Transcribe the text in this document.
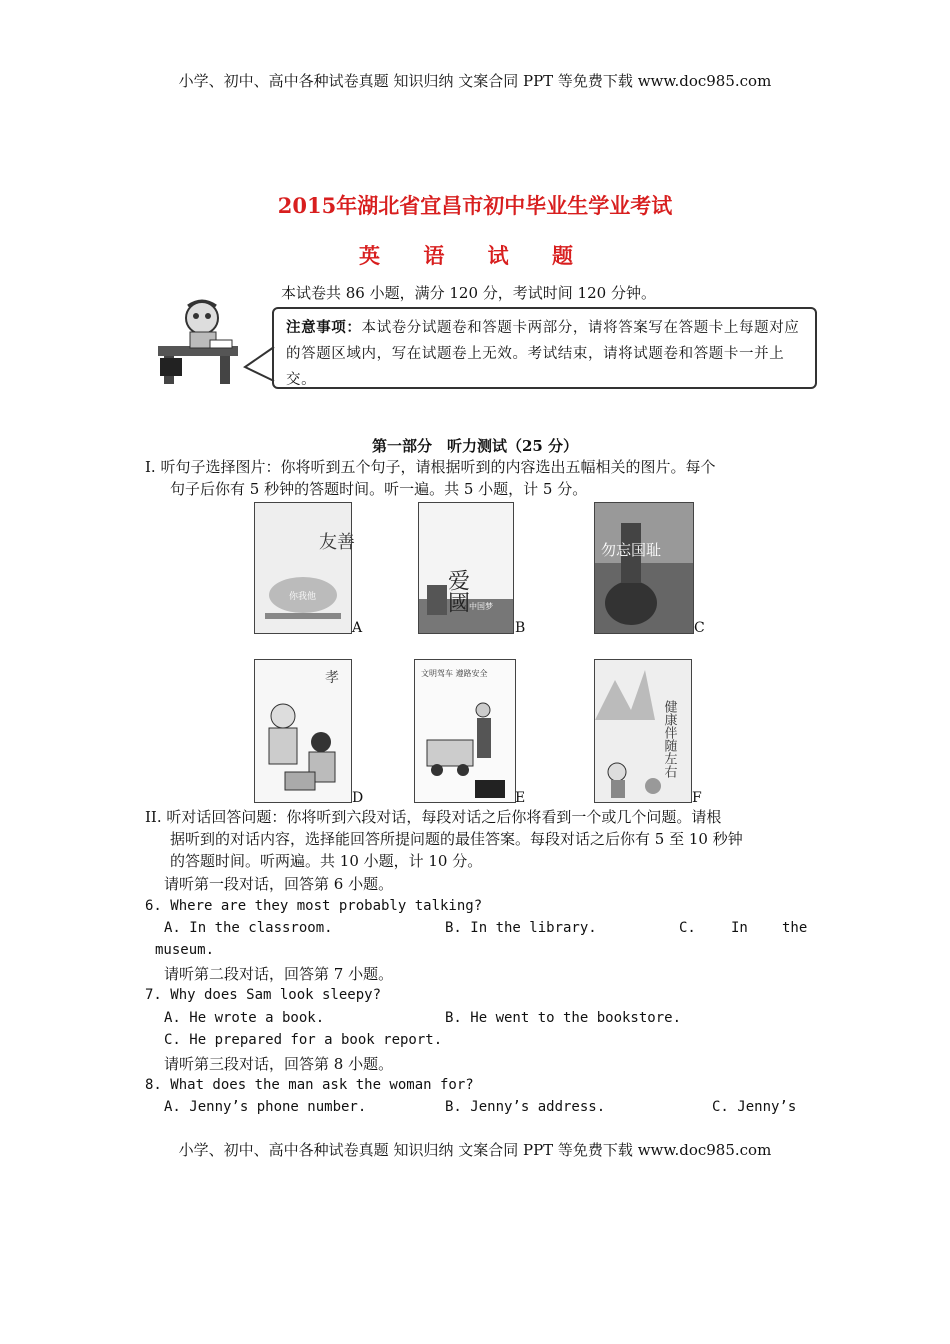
小学、初中、高中各种试卷真题 知识归纳 文案合同 PPT 等免费下载 www.doc985.com
2015年湖北省宜昌市初中毕业生学业考试
英 语 试 题
本试卷共 86 小题，满分 120 分，考试时间 120 分钟。
注意事项：本试卷分试题卷和答题卡两部分，请将答案写在答题卡上每题对应的答题区域内，写在试题卷上无效。考试结束，请将试题卷和答题卡一并上交。
第一部分　听力测试（25 分）
Ⅰ. 听句子选择图片：你将听到五个句子，请根据听到的内容选出五幅相关的图片。每个
句子后你有 5 秒钟的答题时间。听一遍。共 5 小题，计 5 分。
友善
你我他
A
爱國 中国梦
B
勿忘国耻
C
孝
D
文明驾车 遵路安全
E
健康伴随左右
F
II. 听对话回答问题：你将听到六段对话，每段对话之后你将看到一个或几个问题。请根
据听到的对话内容，选择能回答所提问题的最佳答案。每段对话之后你有 5 至 10 秒钟
的答题时间。听两遍。共 10 小题，计 10 分。
请听第一段对话，回答第 6 小题。
6. Where are they most probably talking?
A. In the classroom.	B. In the library.	C.	In the
museum.
请听第二段对话，回答第 7 小题。
7. Why does Sam look sleepy?
A. He wrote a book.	B. He went to the bookstore.
C. He prepared for a book report.
请听第三段对话，回答第 8 小题。
8. What does the man ask the woman for?
A. Jenny’s phone number.	B. Jenny’s address.	C. Jenny’s
小学、初中、高中各种试卷真题 知识归纳 文案合同 PPT 等免费下载 www.doc985.com
